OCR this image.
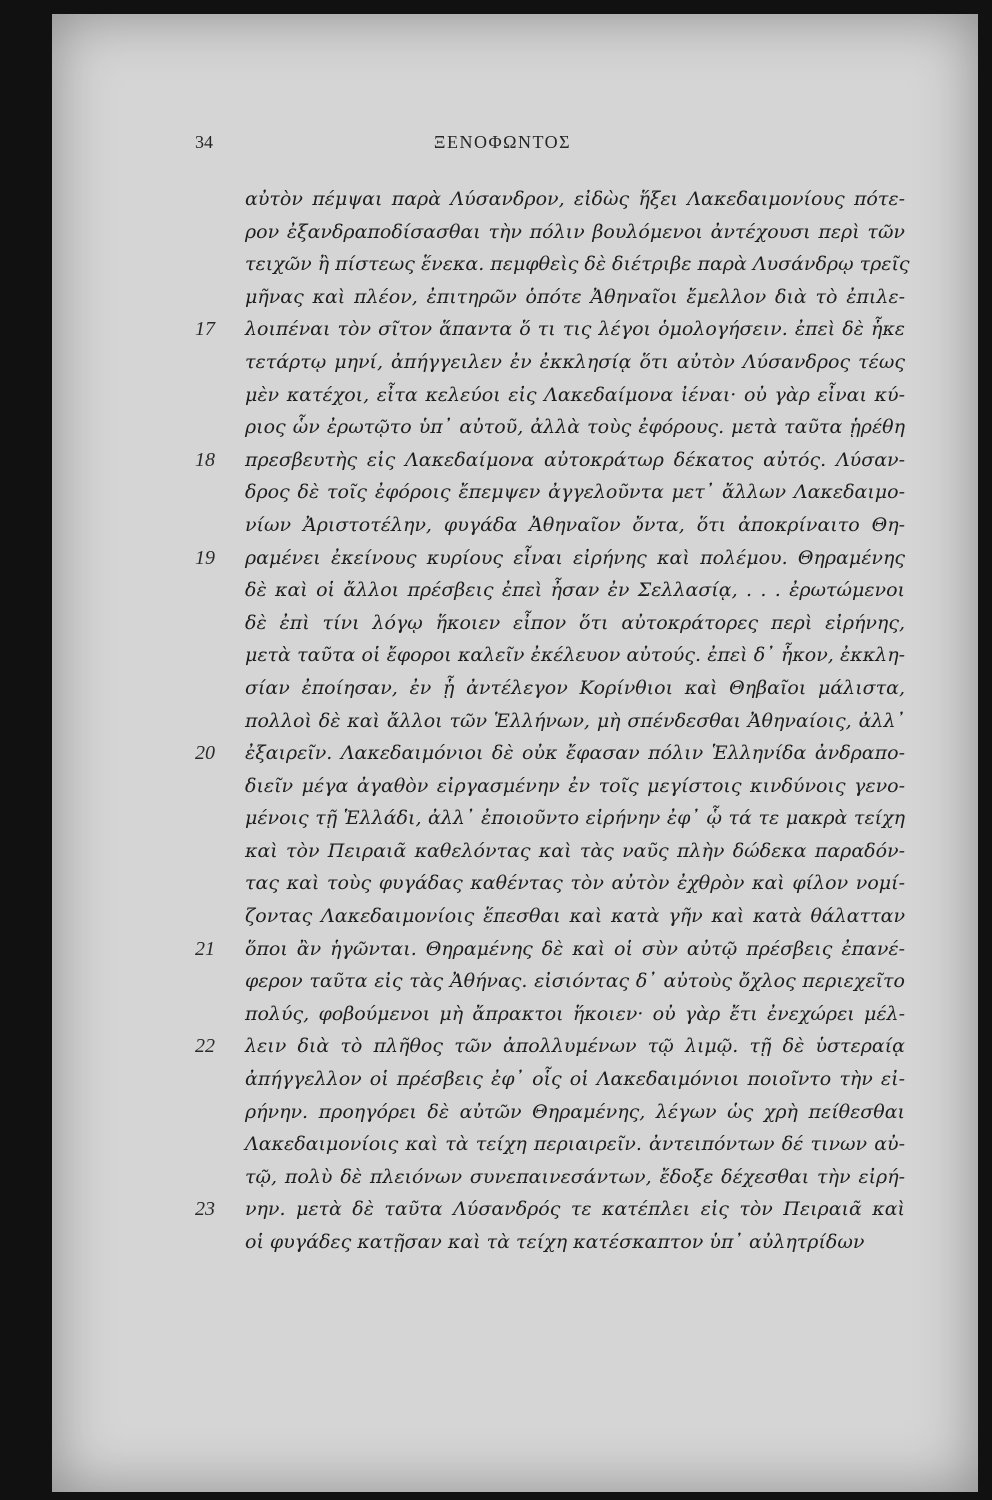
34	ΞΕΝΟΦΩΝΤΟΣ
αὐτὸν πέμψαι παρὰ Λύσανδρον, εἰδὼς ἥξει Λακεδαιμονίους πότε-
ρον ἐξανδραποδίσασθαι τὴν πόλιν βουλόμενοι ἀντέχουσι περὶ τῶν
τειχῶν ἢ πίστεως ἕνεκα. πεμφθεὶς δὲ διέτριβε παρὰ Λυσάνδρῳ τρεῖς
μῆνας καὶ πλέον, ἐπιτηρῶν ὁπότε Ἀθηναῖοι ἔμελλον διὰ τὸ ἐπιλε-
17 λοιπέναι τὸν σῖτον ἅπαντα ὅ τι τις λέγοι ὁμολογήσειν. ἐπεὶ δὲ ἧκε
τετάρτῳ μηνί, ἀπήγγειλεν ἐν ἐκκλησίᾳ ὅτι αὐτὸν Λύσανδρος τέως
μὲν κατέχοι, εἶτα κελεύοι εἰς Λακεδαίμονα ἰέναι· οὐ γὰρ εἶναι κύ-
ριος ὧν ἐρωτῷτο ὑπ᾽ αὐτοῦ, ἀλλὰ τοὺς ἐφόρους. μετὰ ταῦτα ᾑρέθη
18 πρεσβευτὴς εἰς Λακεδαίμονα αὐτοκράτωρ δέκατος αὐτός. Λύσαν-
δρος δὲ τοῖς ἐφόροις ἔπεμψεν ἀγγελοῦντα μετ᾽ ἄλλων Λακεδαιμο-
νίων Ἀριστοτέλην, φυγάδα Ἀθηναῖον ὄντα, ὅτι ἀποκρίναιτο Θη-
19 ραμένει ἐκείνους κυρίους εἶναι εἰρήνης καὶ πολέμου. Θηραμένης
δὲ καὶ οἱ ἄλλοι πρέσβεις ἐπεὶ ἦσαν ἐν Σελλασίᾳ, . . . ἐρωτώμενοι
δὲ ἐπὶ τίνι λόγῳ ἥκοιεν εἶπον ὅτι αὐτοκράτορες περὶ εἰρήνης,
μετὰ ταῦτα οἱ ἔφοροι καλεῖν ἐκέλευον αὐτούς. ἐπεὶ δ᾽ ἧκον, ἐκκλη-
σίαν ἐποίησαν, ἐν ᾗ ἀντέλεγον Κορίνθιοι καὶ Θηβαῖοι μάλιστα,
πολλοὶ δὲ καὶ ἄλλοι τῶν Ἑλλήνων, μὴ σπένδεσθαι Ἀθηναίοις, ἀλλ᾽
20 ἐξαιρεῖν. Λακεδαιμόνιοι δὲ οὐκ ἔφασαν πόλιν Ἑλληνίδα ἀνδραπο-
διεῖν μέγα ἀγαθὸν εἰργασμένην ἐν τοῖς μεγίστοις κινδύνοις γενο-
μένοις τῇ Ἑλλάδι, ἀλλ᾽ ἐποιοῦντο εἰρήνην ἐφ᾽ ᾧ τά τε μακρὰ τείχη
καὶ τὸν Πειραιᾶ καθελόντας καὶ τὰς ναῦς πλὴν δώδεκα παραδόν-
τας καὶ τοὺς φυγάδας καθέντας τὸν αὐτὸν ἐχθρὸν καὶ φίλον νομί-
ζοντας Λακεδαιμονίοις ἕπεσθαι καὶ κατὰ γῆν καὶ κατὰ θάλατταν
21 ὅποι ἂν ἡγῶνται. Θηραμένης δὲ καὶ οἱ σὺν αὐτῷ πρέσβεις ἐπανέ-
φερον ταῦτα εἰς τὰς Ἀθήνας. εἰσιόντας δ᾽ αὐτοὺς ὄχλος περιεχεῖτο
πολύς, φοβούμενοι μὴ ἄπρακτοι ἥκοιεν· οὐ γὰρ ἔτι ἐνεχώρει μέλ-
22 λειν διὰ τὸ πλῆθος τῶν ἀπολλυμένων τῷ λιμῷ. τῇ δὲ ὑστεραίᾳ
ἀπήγγελλον οἱ πρέσβεις ἐφ᾽ οἷς οἱ Λακεδαιμόνιοι ποιοῖντο τὴν εἰ-
ρήνην. προηγόρει δὲ αὐτῶν Θηραμένης, λέγων ὡς χρὴ πείθεσθαι
Λακεδαιμονίοις καὶ τὰ τείχη περιαιρεῖν. ἀντειπόντων δέ τινων αὐ-
τῷ, πολὺ δὲ πλειόνων συνεπαινεσάντων, ἔδοξε δέχεσθαι τὴν εἰρή-
23 νην. μετὰ δὲ ταῦτα Λύσανδρός τε κατέπλει εἰς τὸν Πειραιᾶ καὶ
οἱ φυγάδες κατῇσαν καὶ τὰ τείχη κατέσκαπτον ὑπ᾽ αὐλητρίδων
